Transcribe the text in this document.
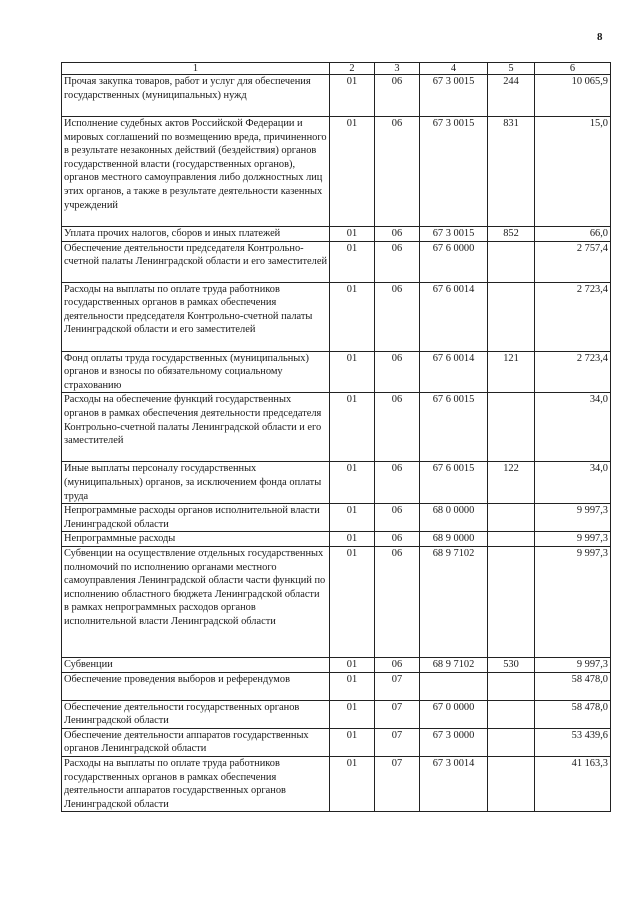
8
1	2	3	4	5	6
Прочая закупка товаров, работ и услуг для обеспечения государственных (муниципальных) нужд	01	06	67 3 0015	244	10 065,9
Исполнение судебных актов Российской Федерации и мировых соглашений по возмещению вреда, причиненного в результате незаконных действий (бездействия) органов государственной власти (государственных органов), органов местного самоуправления либо должностных лиц этих органов, а также в результате деятельности казенных учреждений	01	06	67 3 0015	831	15,0
Уплата прочих налогов, сборов и иных платежей	01	06	67 3 0015	852	66,0
Обеспечение деятельности председателя Контрольно-счетной палаты Ленинградской области и его заместителей	01	06	67 6 0000		2 757,4
Расходы на выплаты по оплате труда работников государственных органов в рамках обеспечения деятельности председателя Контрольно-счетной палаты Ленинградской области и его заместителей	01	06	67 6 0014		2 723,4
Фонд оплаты труда государственных (муниципальных) органов и взносы по обязательному социальному страхованию	01	06	67 6 0014	121	2 723,4
Расходы на обеспечение функций государственных органов в рамках обеспечения деятельности председателя Контрольно-счетной палаты Ленинградской области и его заместителей	01	06	67 6 0015		34,0
Иные выплаты персоналу государственных (муниципальных) органов, за исключением фонда оплаты труда	01	06	67 6 0015	122	34,0
Непрограммные расходы органов исполнительной власти Ленинградской области	01	06	68 0 0000		9 997,3
Непрограммные расходы	01	06	68 9 0000		9 997,3
Субвенции на осуществление отдельных государственных полномочий по исполнению органами местного самоуправления Ленинградской области части функций по исполнению областного бюджета Ленинградской области в рамках непрограммных расходов органов исполнительной власти Ленинградской области	01	06	68 9 7102		9 997,3
Субвенции	01	06	68 9 7102	530	9 997,3
Обеспечение проведения выборов и референдумов	01	07			58 478,0
Обеспечение деятельности государственных органов Ленинградской области	01	07	67 0 0000		58 478,0
Обеспечение деятельности аппаратов государственных органов Ленинградской области	01	07	67 3 0000		53 439,6
Расходы на выплаты по оплате труда работников государственных органов в рамках обеспечения деятельности аппаратов государственных органов Ленинградской области	01	07	67 3 0014		41 163,3
